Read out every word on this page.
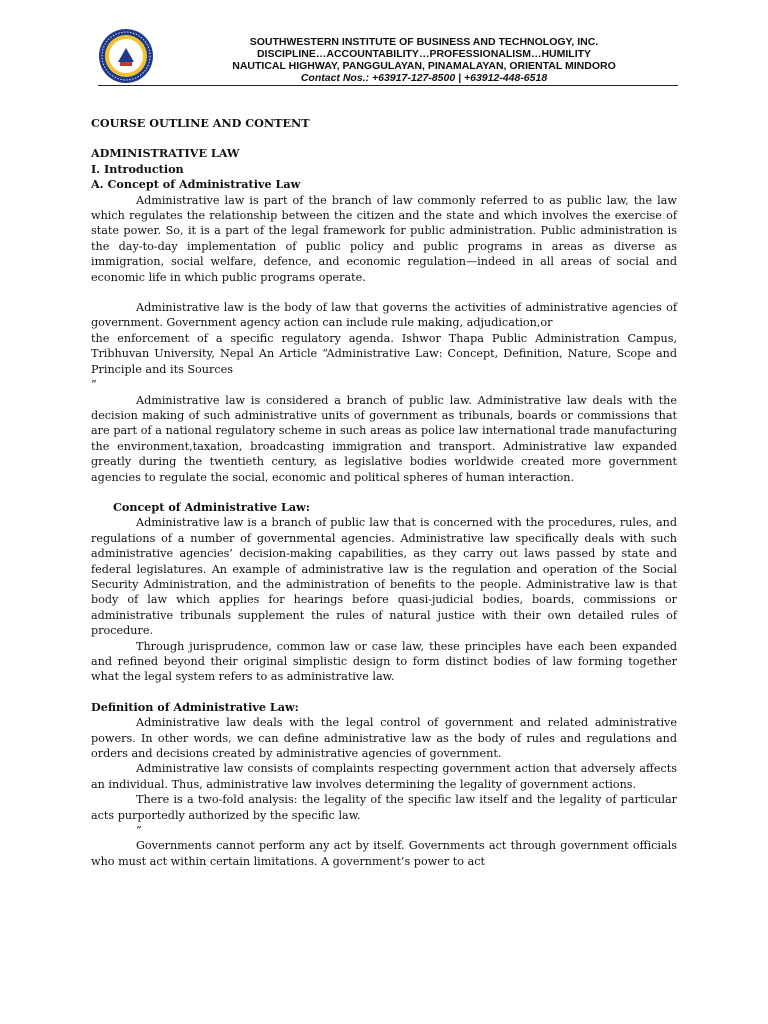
SOUTHWESTERN INSTITUTE OF BUSINESS AND TECHNOLOGY, INC.
DISCIPLINE…ACCOUNTABILITY…PROFESSIONALISM…HUMILITY
NAUTICAL HIGHWAY, PANGGULAYAN, PINAMALAYAN, ORIENTAL MINDORO
Contact Nos.: +63917-127-8500 | +63912-448-6518

COURSE OUTLINE AND CONTENT

ADMINISTRATIVE LAW

I. Introduction

A. Concept of Administrative Law

Administrative law is part of the branch of law commonly referred to as public law, the law which regulates the relationship between the citizen and the state and which involves the exercise of state power. So, it is a part of the legal framework for public administration. Public administration is the day-to-day implementation of public policy and public programs in areas as diverse as immigration, social welfare, defence, and economic regulation—indeed in all areas of social and economic life in which public programs operate.

Administrative law is the body of law that governs the activities of administrative agencies of government. Government agency action can include rule making, adjudication,or

the enforcement of a specific regulatory agenda. Ishwor Thapa Public Administration Campus, Tribhuvan University, Nepal An Article “Administrative Law: Concept, Definition, Nature, Scope and Principle and its Sources

”

Administrative law is considered a branch of public law. Administrative law deals with the decision making of such administrative units of government as tribunals, boards or commissions that are part of a national regulatory scheme in such areas as police law international trade manufacturing the environment,taxation, broadcasting immigration and transport. Administrative law expanded greatly during the twentieth century, as legislative bodies worldwide created more government agencies to regulate the social, economic and political spheres of human interaction.

Concept of Administrative Law:

Administrative law is a branch of public law that is concerned with the procedures, rules, and regulations of a number of governmental agencies. Administrative law specifically deals with such administrative agencies’ decision-making capabilities, as they carry out laws passed by state and federal legislatures. An example of administrative law is the regulation and operation of the Social Security Administration, and the administration of benefits to the people. Administrative law is that body of law which applies for hearings before quasi-judicial bodies, boards, commissions or administrative tribunals supplement the rules of natural justice with their own detailed rules of procedure.

Through jurisprudence, common law or case law, these principles have each been expanded and refined beyond their original simplistic design to form distinct bodies of law forming together what the legal system refers to as administrative law.

Definition of Administrative Law:

Administrative law deals with the legal control of government and related administrative powers. In other words, we can define administrative law as the body of rules and regulations and orders and decisions created by administrative agencies of government.

Administrative law consists of complaints respecting government action that adversely affects an individual. Thus, administrative law involves determining the legality of government actions.

There is a two-fold analysis: the legality of the specific law itself and the legality of particular acts purportedly authorized by the specific law.

”

Governments cannot perform any act by itself. Governments act through government officials who must act within certain limitations. A government’s power to act
